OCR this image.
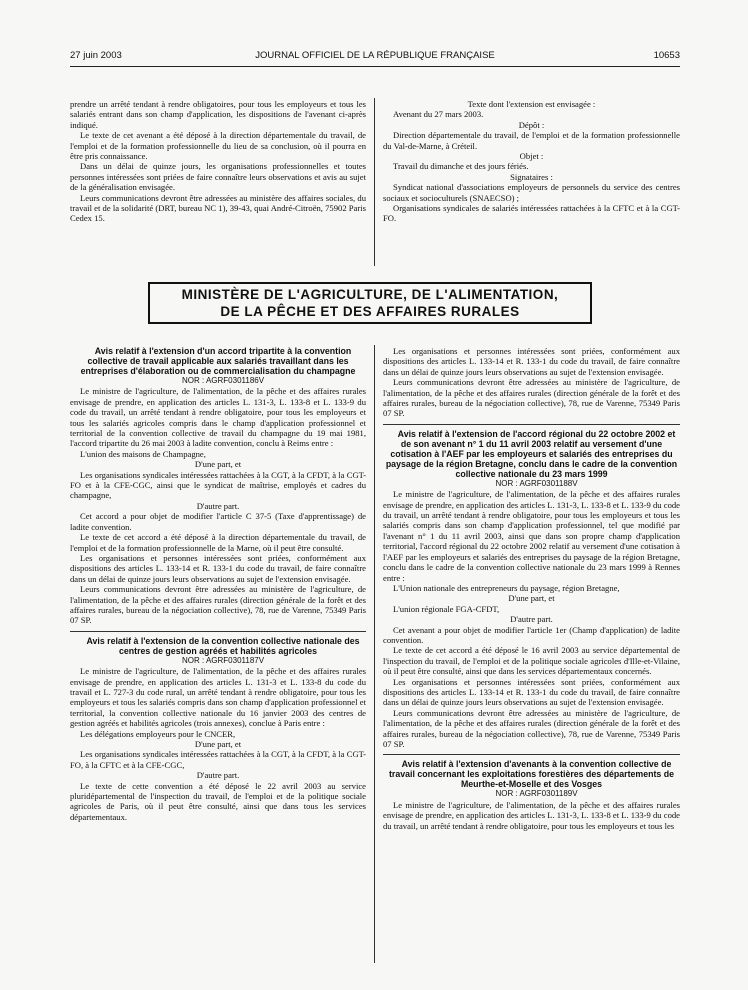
27 juin 2003	JOURNAL OFFICIEL DE LA RÉPUBLIQUE FRANÇAISE	10653

prendre un arrêté tendant à rendre obligatoires, pour tous les employeurs et tous les salariés entrant dans son champ d'application, les dispositions de l'avenant ci-après indiqué.

Le texte de cet avenant a été déposé à la direction départementale du travail, de l'emploi et de la formation professionnelle du lieu de sa conclusion, où il pourra en être pris connaissance.

Dans un délai de quinze jours, les organisations professionnelles et toutes personnes intéressées sont priées de faire connaître leurs observations et avis au sujet de la généralisation envisagée.

Leurs communications devront être adressées au ministère des affaires sociales, du travail et de la solidarité (DRT, bureau NC 1), 39-43, quai André-Citroën, 75902 Paris Cedex 15.

Texte dont l'extension est envisagée :

Avenant du 27 mars 2003.

Dépôt :

Direction départementale du travail, de l'emploi et de la formation professionnelle du Val-de-Marne, à Créteil.

Objet :

Travail du dimanche et des jours fériés.

Signataires :

Syndicat national d'associations employeurs de personnels du service des centres sociaux et socioculturels (SNAECSO) ;

Organisations syndicales de salariés intéressées rattachées à la CFTC et à la CGT-FO.

MINISTÈRE DE L'AGRICULTURE, DE L'ALIMENTATION,
DE LA PÊCHE ET DES AFFAIRES RURALES

Avis relatif à l'extension d'un accord tripartite à la convention collective de travail applicable aux salariés travaillant dans les entreprises d'élaboration ou de commercialisation du champagne

NOR : AGRF0301186V

Le ministre de l'agriculture, de l'alimentation, de la pêche et des affaires rurales envisage de prendre, en application des articles L. 131-3, L. 133-8 et L. 133-9 du code du travail, un arrêté tendant à rendre obligatoire, pour tous les employeurs et tous les salariés agricoles compris dans le champ d'application professionnel et territorial de la convention collective de travail du champagne du 19 mai 1981, l'accord tripartite du 26 mai 2003 à ladite convention, conclu à Reims entre :

L'union des maisons de Champagne,

D'une part, et

Les organisations syndicales intéressées rattachées à la CGT, à la CFDT, à la CGT-FO et à la CFE-CGC, ainsi que le syndicat de maîtrise, employés et cadres du champagne,

D'autre part.

Cet accord a pour objet de modifier l'article C 37-5 (Taxe d'apprentissage) de ladite convention.

Le texte de cet accord a été déposé à la direction départementale du travail, de l'emploi et de la formation professionnelle de la Marne, où il peut être consulté.

Les organisations et personnes intéressées sont priées, conformément aux dispositions des articles L. 133-14 et R. 133-1 du code du travail, de faire connaître dans un délai de quinze jours leurs observations au sujet de l'extension envisagée.

Leurs communications devront être adressées au ministère de l'agriculture, de l'alimentation, de la pêche et des affaires rurales (direction générale de la forêt et des affaires rurales, bureau de la négociation collective), 78, rue de Varenne, 75349 Paris 07 SP.

Avis relatif à l'extension de la convention collective nationale des centres de gestion agréés et habilités agricoles

NOR : AGRF0301187V

Le ministre de l'agriculture, de l'alimentation, de la pêche et des affaires rurales envisage de prendre, en application des articles L. 131-3 et L. 133-8 du code du travail et L. 727-3 du code rural, un arrêté tendant à rendre obligatoire, pour tous les employeurs et tous les salariés compris dans son champ d'application professionnel et territorial, la convention collective nationale du 16 janvier 2003 des centres de gestion agréés et habilités agricoles (trois annexes), conclue à Paris entre :

Les délégations employeurs pour le CNCER,

D'une part, et

Les organisations syndicales intéressées rattachées à la CGT, à la CFDT, à la CGT-FO, à la CFTC et à la CFE-CGC,

D'autre part.

Le texte de cette convention a été déposé le 22 avril 2003 au service pluridépartemental de l'inspection du travail, de l'emploi et de la politique sociale agricoles de Paris, où il peut être consulté, ainsi que dans tous les services départementaux.

Les organisations et personnes intéressées sont priées, conformément aux dispositions des articles L. 133-14 et R. 133-1 du code du travail, de faire connaître dans un délai de quinze jours leurs observations au sujet de l'extension envisagée.

Leurs communications devront être adressées au ministère de l'agriculture, de l'alimentation, de la pêche et des affaires rurales (direction générale de la forêt et des affaires rurales, bureau de la négociation collective), 78, rue de Varenne, 75349 Paris 07 SP.

Avis relatif à l'extension de l'accord régional du 22 octobre 2002 et de son avenant n° 1 du 11 avril 2003 relatif au versement d'une cotisation à l'AEF par les employeurs et salariés des entreprises du paysage de la région Bretagne, conclu dans le cadre de la convention collective nationale du 23 mars 1999

NOR : AGRF0301188V

Le ministre de l'agriculture, de l'alimentation, de la pêche et des affaires rurales envisage de prendre, en application des articles L. 131-3, L. 133-8 et L. 133-9 du code du travail, un arrêté tendant à rendre obligatoire, pour tous les employeurs et tous les salariés compris dans son champ d'application professionnel, tel que modifié par l'avenant n° 1 du 11 avril 2003, ainsi que dans son propre champ d'application territorial, l'accord régional du 22 octobre 2002 relatif au versement d'une cotisation à l'AEF par les employeurs et salariés des entreprises du paysage de la région Bretagne, conclu dans le cadre de la convention collective nationale du 23 mars 1999 à Rennes entre :

L'Union nationale des entrepreneurs du paysage, région Bretagne,

D'une part, et

L'union régionale FGA-CFDT,

D'autre part.

Cet avenant a pour objet de modifier l'article 1er (Champ d'application) de ladite convention.

Le texte de cet accord a été déposé le 16 avril 2003 au service départemental de l'inspection du travail, de l'emploi et de la politique sociale agricoles d'Ille-et-Vilaine, où il peut être consulté, ainsi que dans les services départementaux concernés.

Les organisations et personnes intéressées sont priées, conformément aux dispositions des articles L. 133-14 et R. 133-1 du code du travail, de faire connaître dans un délai de quinze jours leurs observations au sujet de l'extension envisagée.

Leurs communications devront être adressées au ministère de l'agriculture, de l'alimentation, de la pêche et des affaires rurales (direction générale de la forêt et des affaires rurales, bureau de la négociation collective), 78, rue de Varenne, 75349 Paris 07 SP.

Avis relatif à l'extension d'avenants à la convention collective de travail concernant les exploitations forestières des départements de Meurthe-et-Moselle et des Vosges

NOR : AGRF0301189V

Le ministre de l'agriculture, de l'alimentation, de la pêche et des affaires rurales envisage de prendre, en application des articles L. 131-3, L. 133-8 et L. 133-9 du code du travail, un arrêté tendant à rendre obligatoire, pour tous les employeurs et tous les
